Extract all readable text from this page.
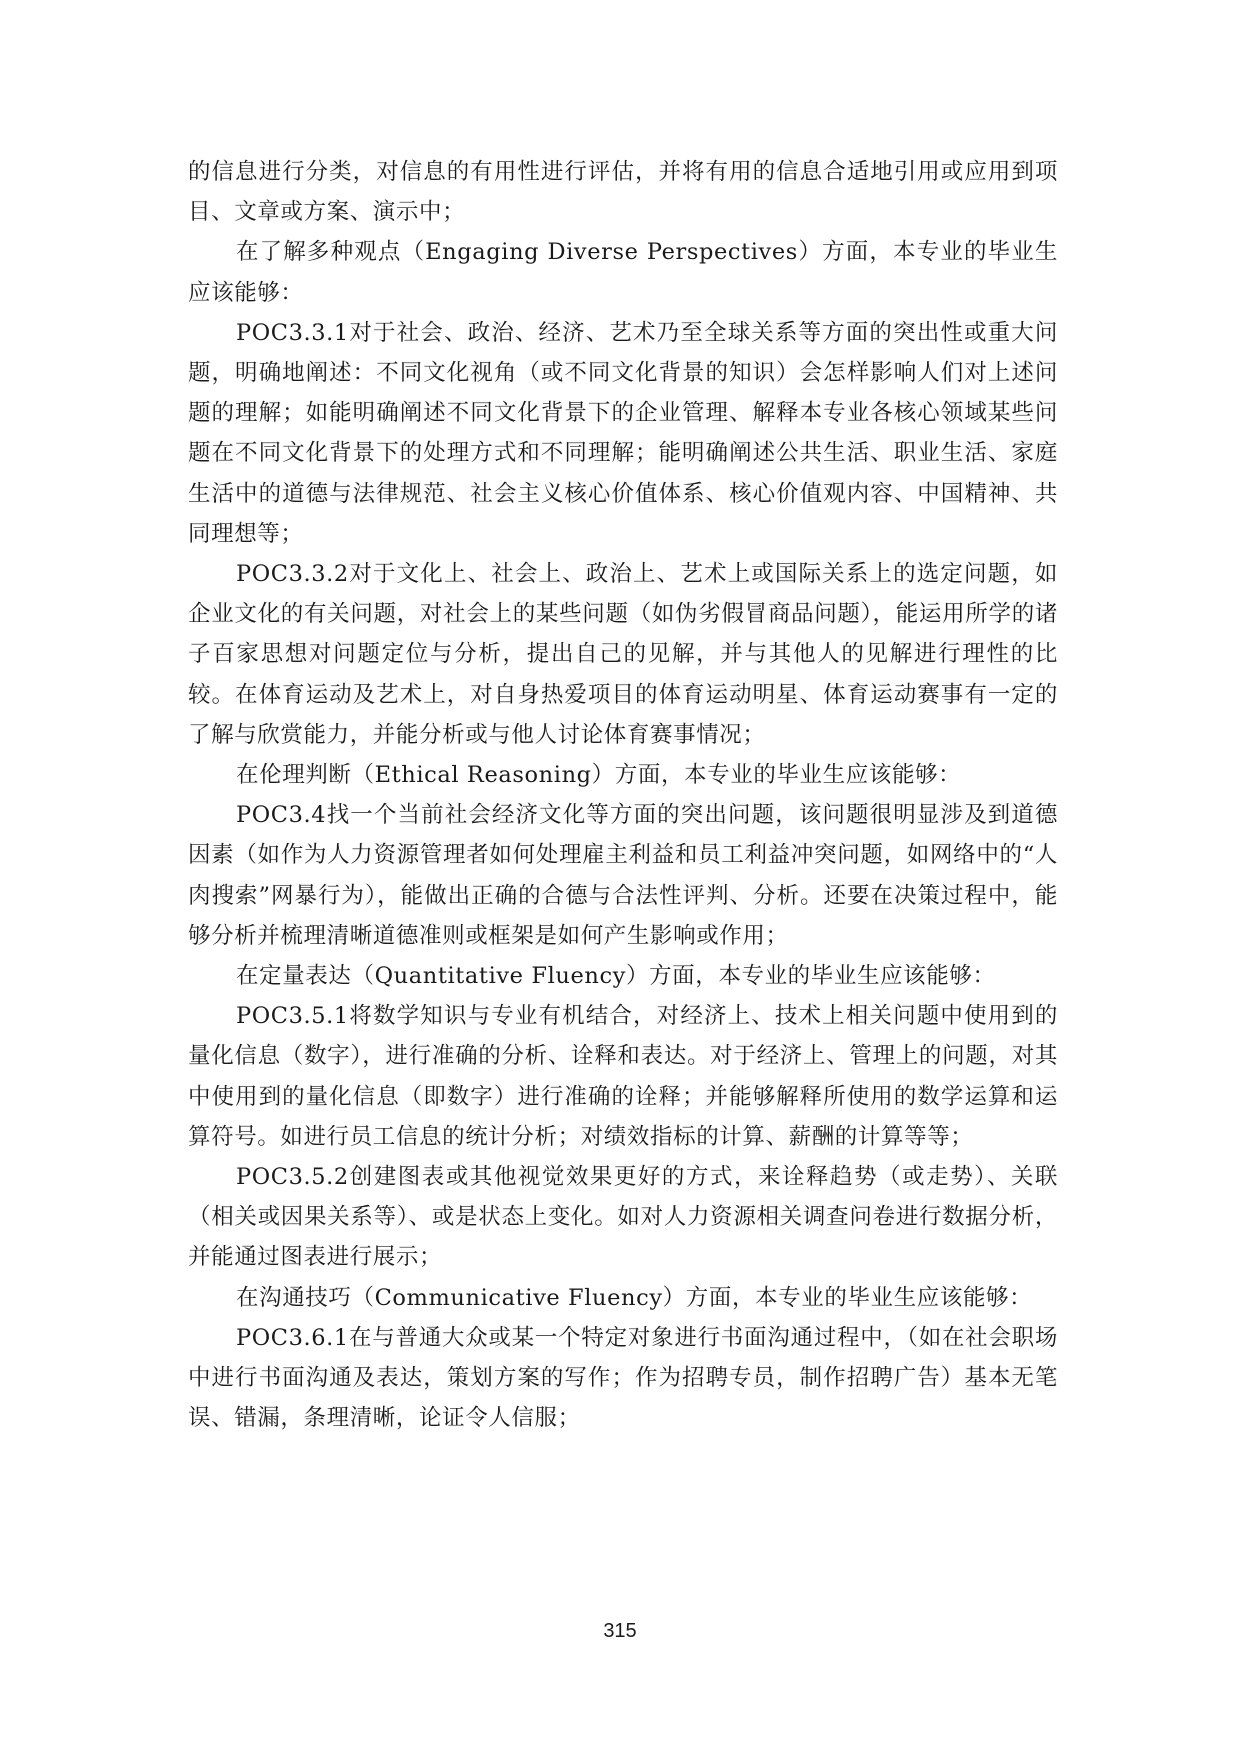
的信息进行分类，对信息的有用性进行评估，并将有用的信息合适地引用或应用到项目、文章或方案、演示中；

在了解多种观点（Engaging Diverse Perspectives）方面，本专业的毕业生应该能够：

POC3.3.1对于社会、政治、经济、艺术乃至全球关系等方面的突出性或重大问题，明确地阐述：不同文化视角（或不同文化背景的知识）会怎样影响人们对上述问题的理解；如能明确阐述不同文化背景下的企业管理、解释本专业各核心领域某些问题在不同文化背景下的处理方式和不同理解；能明确阐述公共生活、职业生活、家庭生活中的道德与法律规范、社会主义核心价值体系、核心价值观内容、中国精神、共同理想等；

POC3.3.2对于文化上、社会上、政治上、艺术上或国际关系上的选定问题，如企业文化的有关问题，对社会上的某些问题（如伪劣假冒商品问题），能运用所学的诸子百家思想对问题定位与分析，提出自己的见解，并与其他人的见解进行理性的比较。在体育运动及艺术上，对自身热爱项目的体育运动明星、体育运动赛事有一定的了解与欣赏能力，并能分析或与他人讨论体育赛事情况；

在伦理判断（Ethical Reasoning）方面，本专业的毕业生应该能够：

POC3.4找一个当前社会经济文化等方面的突出问题，该问题很明显涉及到道德因素（如作为人力资源管理者如何处理雇主利益和员工利益冲突问题，如网络中的“人肉搜索”网暴行为），能做出正确的合德与合法性评判、分析。还要在决策过程中，能够分析并梳理清晰道德准则或框架是如何产生影响或作用；

在定量表达（Quantitative Fluency）方面，本专业的毕业生应该能够：

POC3.5.1将数学知识与专业有机结合，对经济上、技术上相关问题中使用到的量化信息（数字），进行准确的分析、诠释和表达。对于经济上、管理上的问题，对其中使用到的量化信息（即数字）进行准确的诠释；并能够解释所使用的数学运算和运算符号。如进行员工信息的统计分析；对绩效指标的计算、薪酬的计算等等；

POC3.5.2创建图表或其他视觉效果更好的方式，来诠释趋势（或走势）、关联（相关或因果关系等）、或是状态上变化。如对人力资源相关调查问卷进行数据分析，并能通过图表进行展示；

在沟通技巧（Communicative Fluency）方面，本专业的毕业生应该能够：

POC3.6.1在与普通大众或某一个特定对象进行书面沟通过程中，（如在社会职场中进行书面沟通及表达，策划方案的写作；作为招聘专员，制作招聘广告）基本无笔误、错漏，条理清晰，论证令人信服；

315
